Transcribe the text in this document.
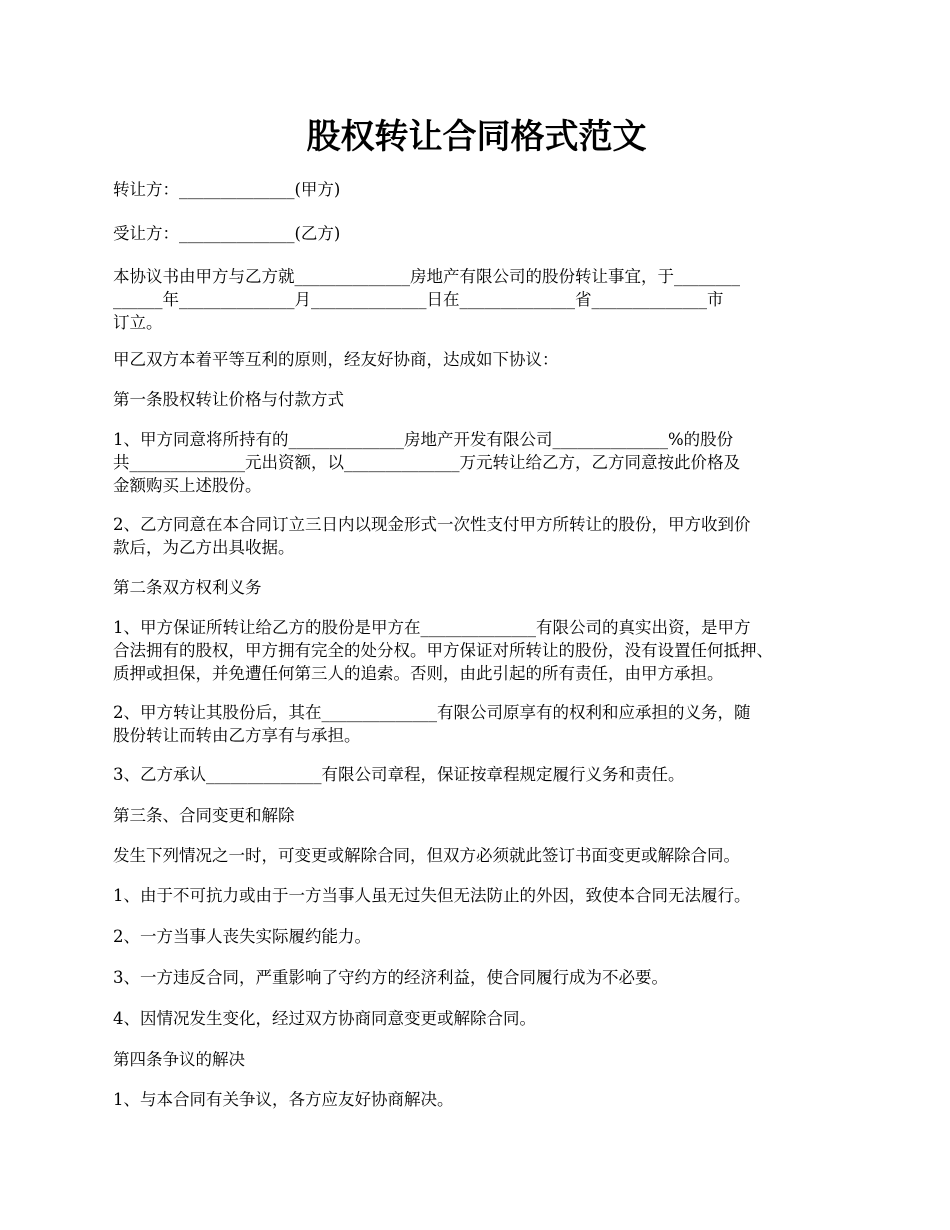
股权转让合同格式范文

转让方：______________(甲方)

受让方：______________(乙方)

本协议书由甲方与乙方就______________房地产有限公司的股份转让事宜，于________
______年______________月______________日在______________省______________市
订立。

甲乙双方本着平等互利的原则，经友好协商，达成如下协议：

第一条股权转让价格与付款方式

1、甲方同意将所持有的______________房地产开发有限公司______________%的股份
共______________元出资额，以______________万元转让给乙方，乙方同意按此价格及
金额购买上述股份。

2、乙方同意在本合同订立三日内以现金形式一次性支付甲方所转让的股份，甲方收到价
款后，为乙方出具收据。

第二条双方权利义务

1、甲方保证所转让给乙方的股份是甲方在______________有限公司的真实出资，是甲方
合法拥有的股权，甲方拥有完全的处分权。甲方保证对所转让的股份，没有设置任何抵押、
质押或担保，并免遭任何第三人的追索。否则，由此引起的所有责任，由甲方承担。

2、甲方转让其股份后，其在______________有限公司原享有的权利和应承担的义务，随
股份转让而转由乙方享有与承担。

3、乙方承认______________有限公司章程，保证按章程规定履行义务和责任。

第三条、合同变更和解除

发生下列情况之一时，可变更或解除合同，但双方必须就此签订书面变更或解除合同。

1、由于不可抗力或由于一方当事人虽无过失但无法防止的外因，致使本合同无法履行。

2、一方当事人丧失实际履约能力。

3、一方违反合同，严重影响了守约方的经济利益，使合同履行成为不必要。

4、因情况发生变化，经过双方协商同意变更或解除合同。

第四条争议的解决

1、与本合同有关争议，各方应友好协商解决。
